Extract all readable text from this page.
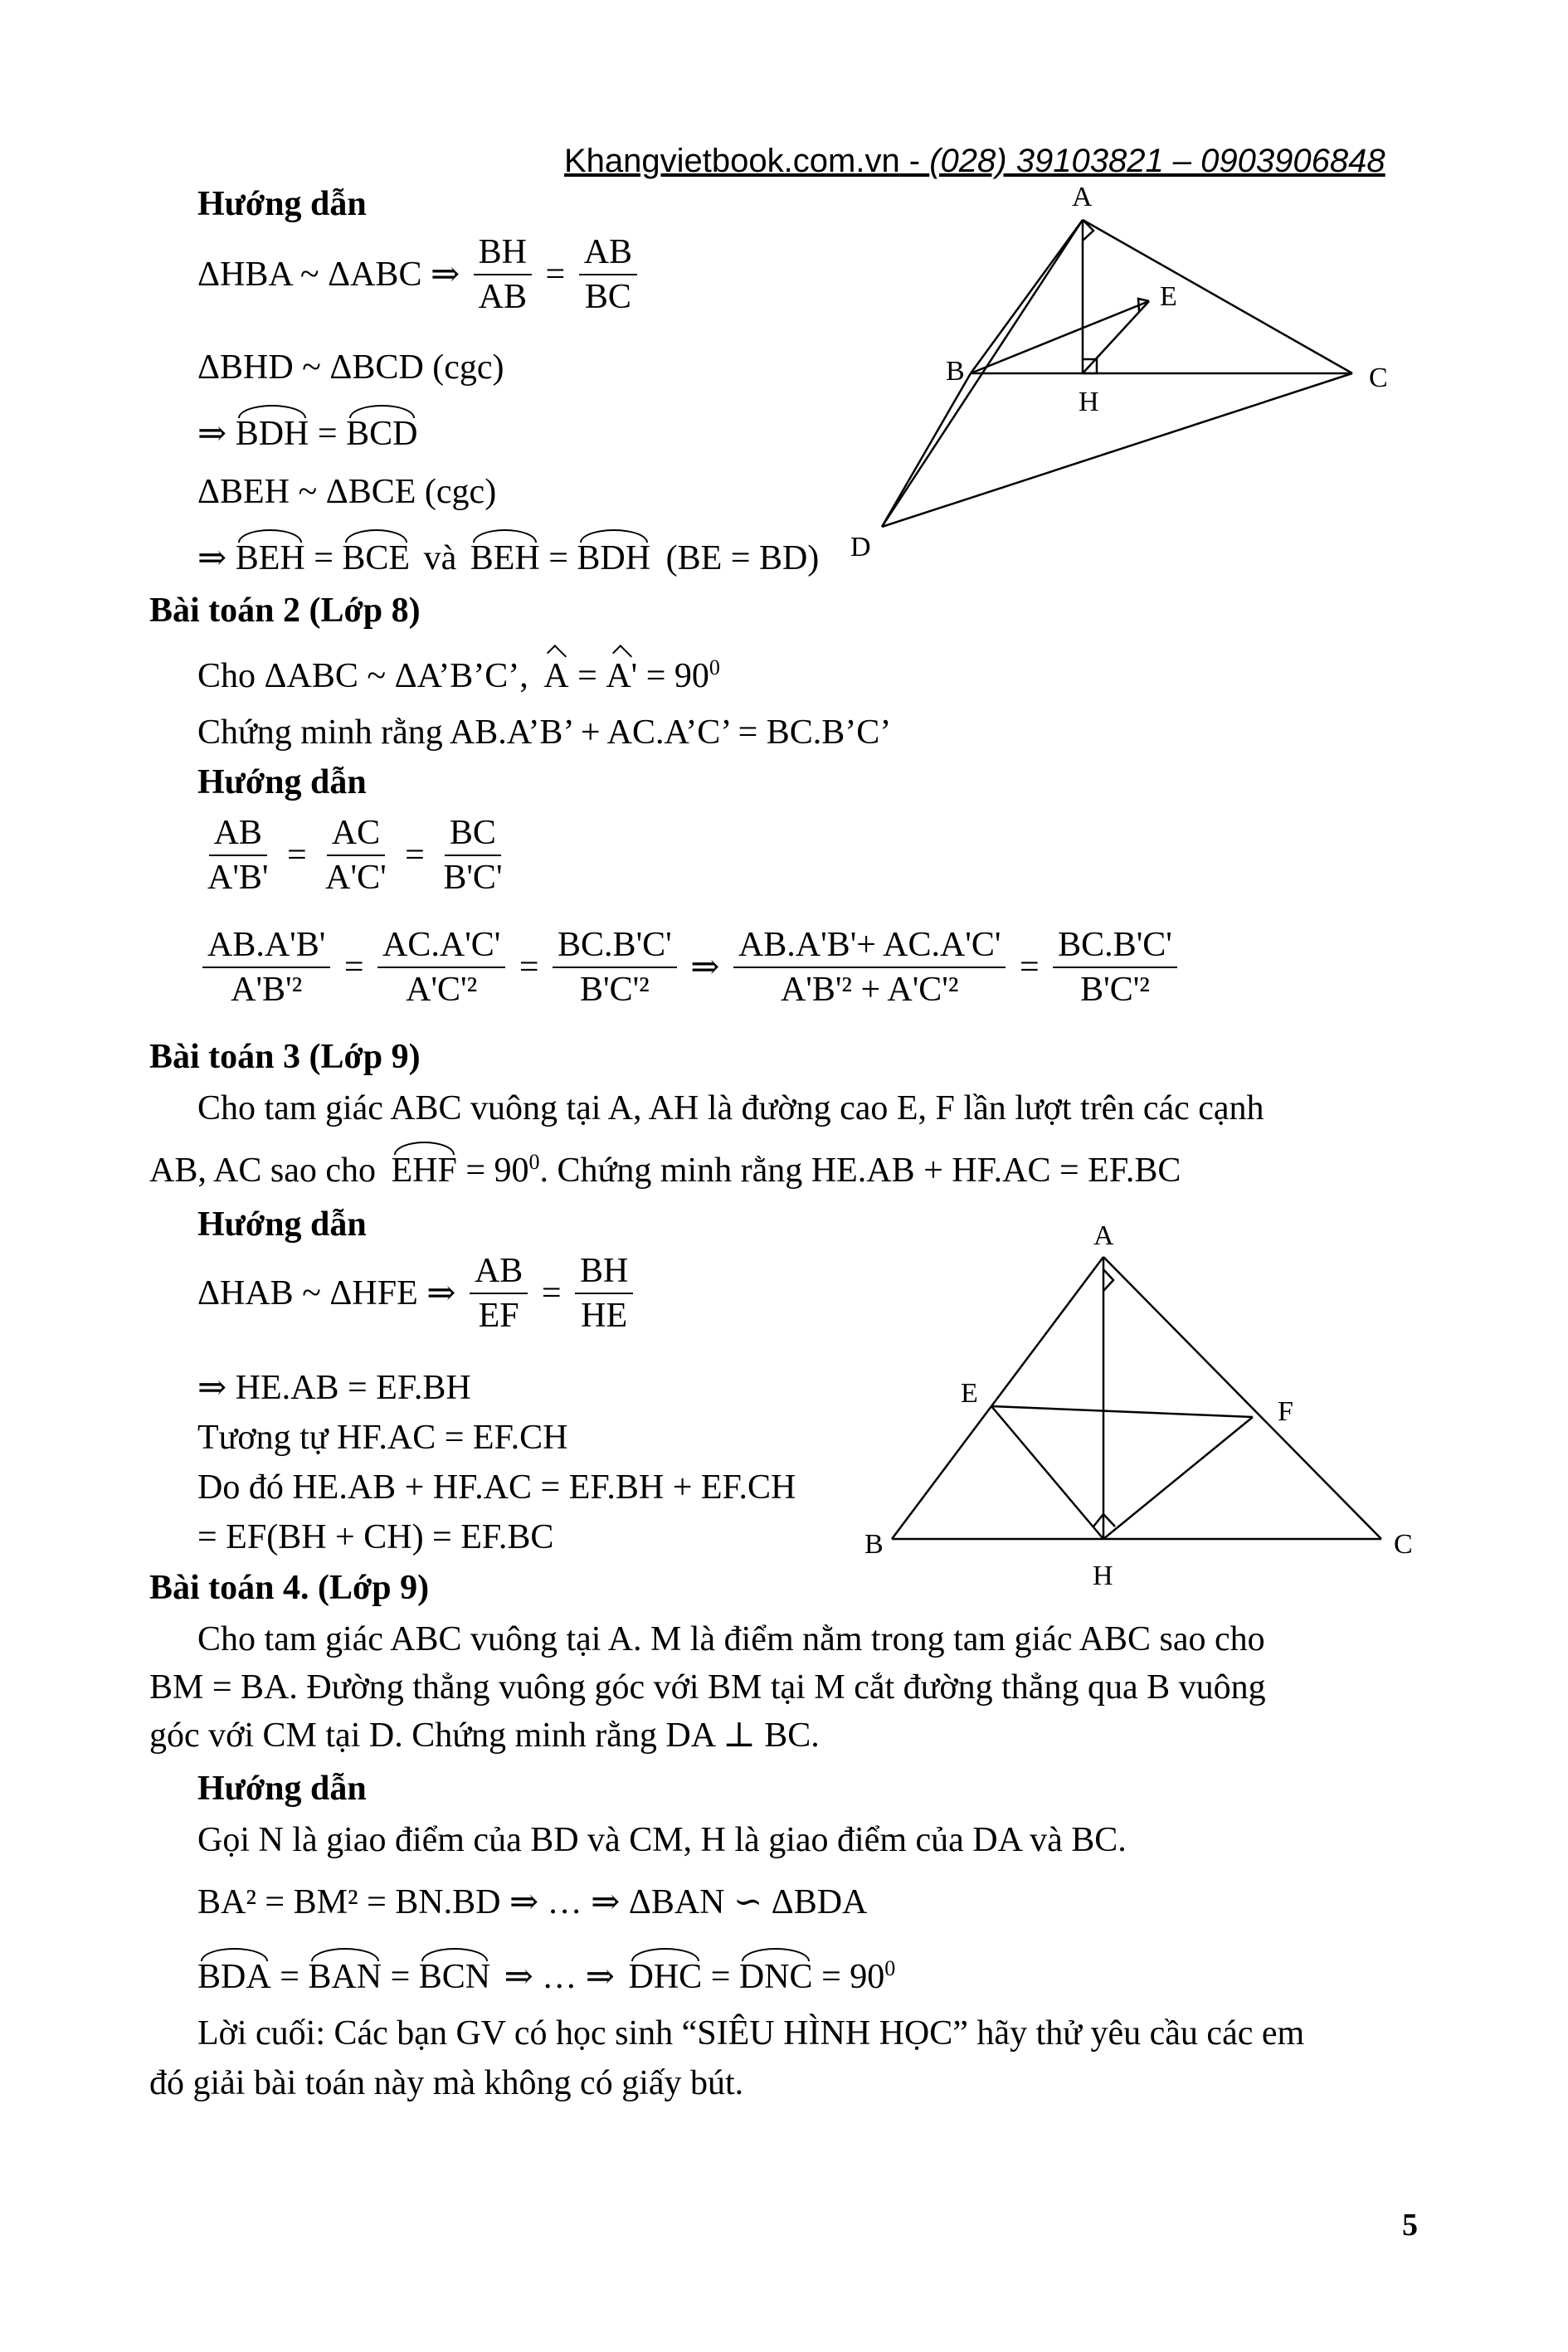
Khangvietbook.com.vn - (028) 39103821 – 0903906848
Hướng dẫn
ΔHBA ~ ΔABC ⇒ $\frac{BH}{AB} = \frac{AB}{BC}$
ΔBHD ~ ΔBCD (cgc)
⇒ BDH = BCD
ΔBEH ~ ΔBCE (cgc)
⇒ BEH = BCE và BEH = BDH (BE = BD)
A
B	C
D
E
H
Bài toán 2 (Lớp 8)
Cho ΔABC ~ ΔA’B’C’, $A = A' = 90^0$
Chứng minh rằng AB.A’B’ + AC.A’C’ = BC.B’C’
Hướng dẫn
$\frac{AB}{A'B'} = \frac{AC}{A'C'} = \frac{BC}{B'C'}$
$\frac{AB.A'B'}{\text{A'B'²}} = \frac{AC.A'C'}{\text{A'C'²}} = \frac{BC.B'C'}{\text{B'C'²}}$ ⇒ $\frac{AB.A'B'+ AC.A'C'}{\text{A'B'² + A'C'²}} = \frac{BC.B'C'}{\text{B'C'²}}$
Bài toán 3 (Lớp 9)
Cho tam giác ABC vuông tại A, AH là đường cao E, F lần lượt trên các cạnh
AB, AC sao cho EHF = $90^0$. Chứng minh rằng HE.AB + HF.AC = EF.BC
Hướng dẫn
ΔHAB ~ ΔHFE ⇒ $\frac{AB}{EF} = \frac{BH}{HE}$
⇒ HE.AB = EF.BH
Tương tự HF.AC = EF.CH
Do đó HE.AB + HF.AC = EF.BH + EF.CH
= EF(BH + CH) = EF.BC
A
B	C
E
F
H
Bài toán 4. (Lớp 9)
Cho tam giác ABC vuông tại A. M là điểm nằm trong tam giác ABC sao cho
BM = BA. Đường thẳng vuông góc với BM tại M cắt đường thẳng qua B vuông
góc với CM tại D. Chứng minh rằng DA ⊥ BC.
Hướng dẫn
Gọi N là giao điểm của BD và CM, H là giao điểm của DA và BC.
BA² = BM² = BN.BD ⇒ … ⇒ ΔBAN ∽ ΔBDA
BDA = BAN = BCN ⇒ … ⇒ DHC = DNC = $90^0$
Lời cuối: Các bạn GV có học sinh “SIÊU HÌNH HỌC” hãy thử yêu cầu các em
đó giải bài toán này mà không có giấy bút.
5
